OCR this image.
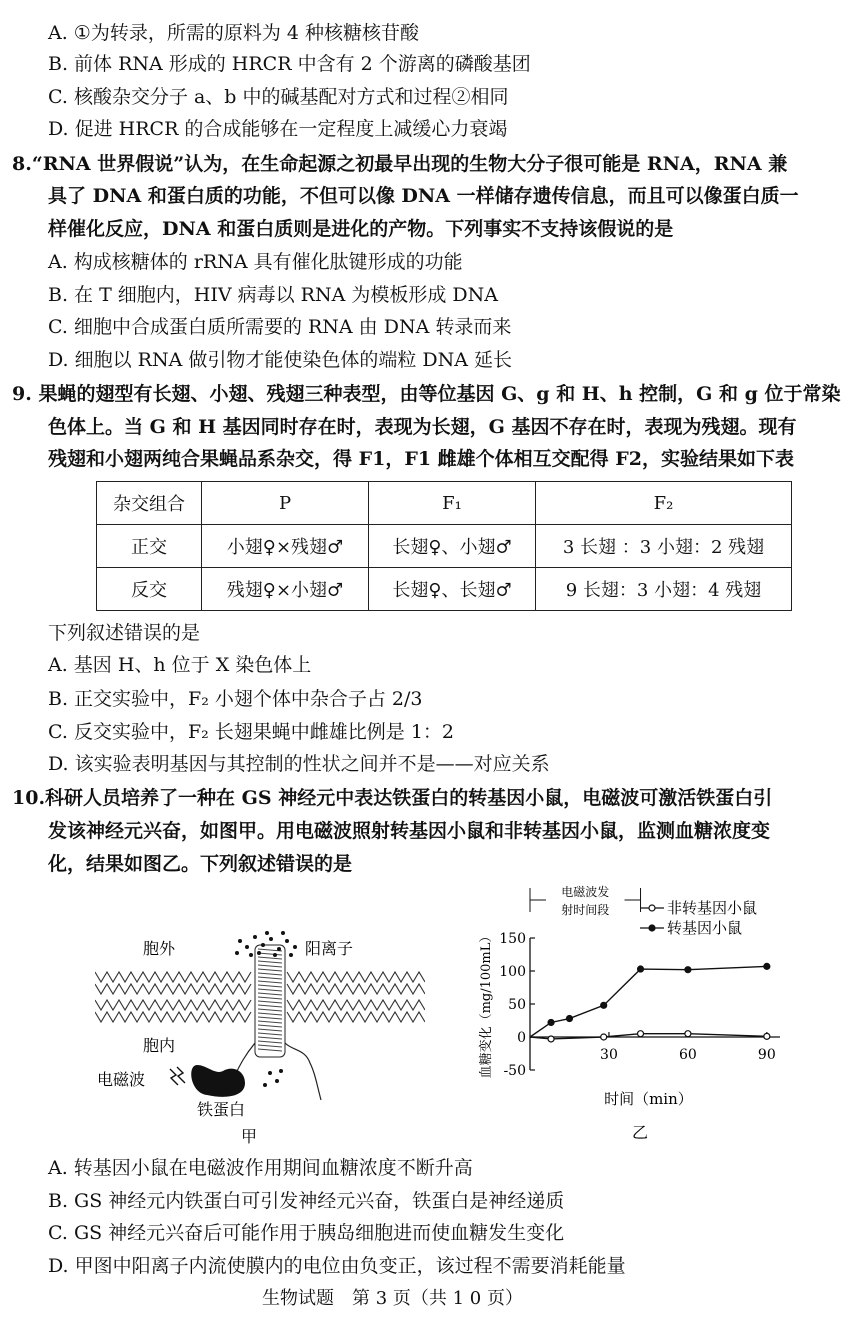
A. ①为转录，所需的原料为 4 种核糖核苷酸
B. 前体 RNA 形成的 HRCR 中含有 2 个游离的磷酸基团
C. 核酸杂交分子 a、b 中的碱基配对方式和过程②相同
D. 促进 HRCR 的合成能够在一定程度上减缓心力衰竭
8.“RNA 世界假说”认为，在生命起源之初最早出现的生物大分子很可能是 RNA，RNA 兼
具了 DNA 和蛋白质的功能，不但可以像 DNA 一样储存遗传信息，而且可以像蛋白质一
样催化反应，DNA 和蛋白质则是进化的产物。下列事实不支持该假说的是
A. 构成核糖体的 rRNA 具有催化肽键形成的功能
B. 在 T 细胞内，HIV 病毒以 RNA 为模板形成 DNA
C. 细胞中合成蛋白质所需要的 RNA 由 DNA 转录而来
D. 细胞以 RNA 做引物才能使染色体的端粒 DNA 延长
9. 果蝇的翅型有长翅、小翅、残翅三种表型，由等位基因 G、g 和 H、h 控制，G 和 g 位于常染
色体上。当 G 和 H 基因同时存在时，表现为长翅，G 基因不存在时，表现为残翅。现有
残翅和小翅两纯合果蝇品系杂交，得 F1，F1 雌雄个体相互交配得 F2，实验结果如下表
杂交组合	P	F₁	F₂
正交	小翅♀×残翅♂	长翅♀、小翅♂	3 长翅 ：3 小翅：2 残翅
反交	残翅♀×小翅♂	长翅♀、长翅♂	9 长翅：3 小翅：4 残翅
下列叙述错误的是
A. 基因 H、h 位于 X 染色体上
B. 正交实验中，F₂ 小翅个体中杂合子占 2/3
C. 反交实验中，F₂ 长翅果蝇中雌雄比例是 1：2
D. 该实验表明基因与其控制的性状之间并不是——对应关系
10.科研人员培养了一种在 GS 神经元中表达铁蛋白的转基因小鼠，电磁波可激活铁蛋白引
发该神经元兴奋，如图甲。用电磁波照射转基因小鼠和非转基因小鼠，监测血糖浓度变
化，结果如图乙。下列叙述错误的是
胞外	阳离子
胞内
电磁波
铁蛋白
甲
电磁波发
射时间段	非转基因小鼠
转基因小鼠
-50
0
50
100
150
30	60	90
时间（min）
血糖变化（mg/100mL）
乙
A. 转基因小鼠在电磁波作用期间血糖浓度不断升高
B. GS 神经元内铁蛋白可引发神经元兴奋，铁蛋白是神经递质
C. GS 神经元兴奋后可能作用于胰岛细胞进而使血糖发生变化
D. 甲图中阳离子内流使膜内的电位由负变正，该过程不需要消耗能量
生物试题　第 3 页（共 1 0 页）
